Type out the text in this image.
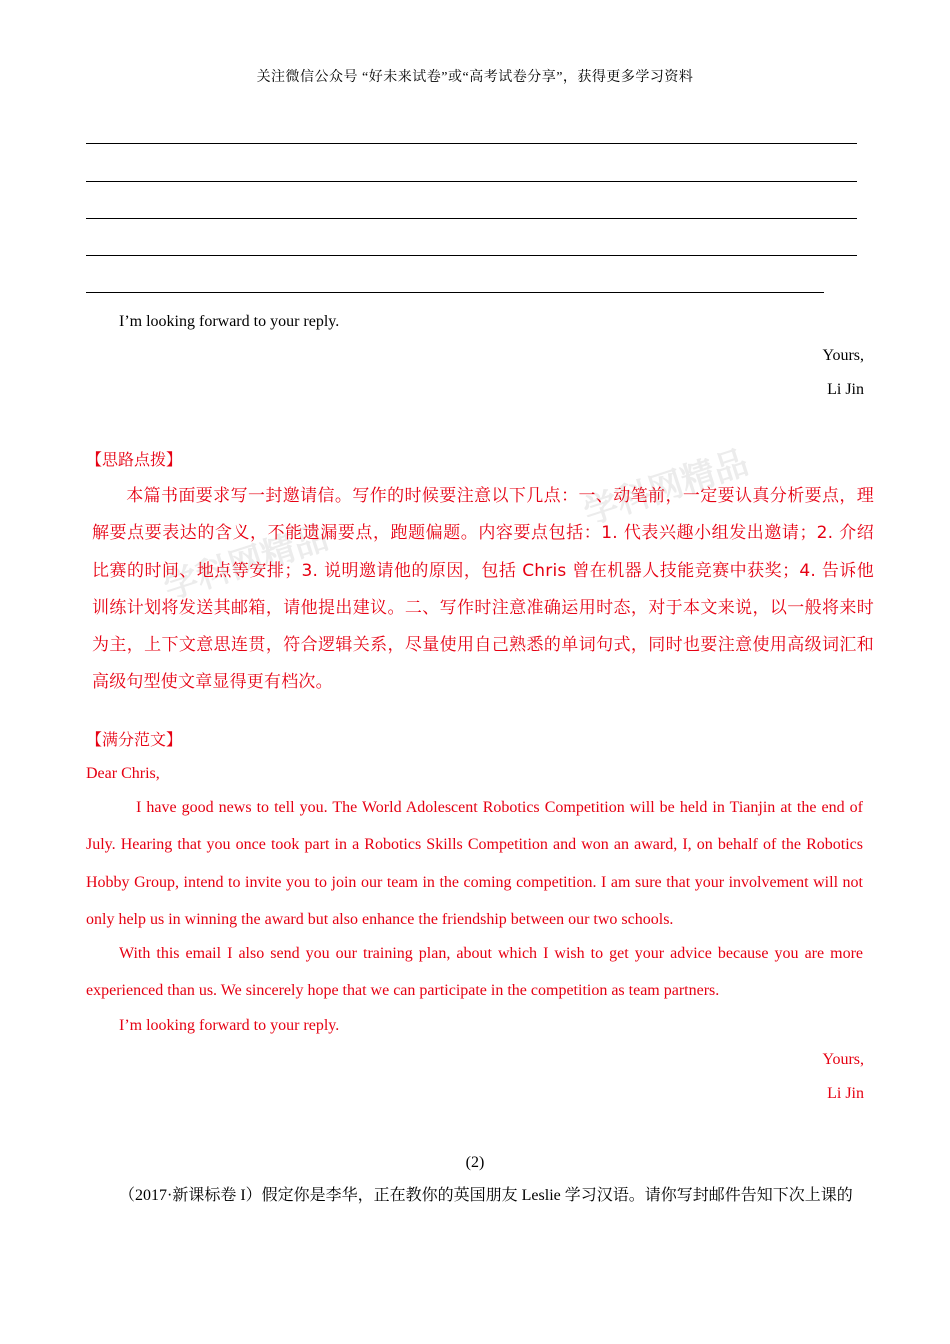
关注微信公众号 “好未来试卷”或“高考试卷分享”，获得更多学习资料
I’m looking forward to your reply.
Yours,
Li Jin
学科网精品
学科网精品
【思路点拨】
本篇书面要求写一封邀请信。写作的时候要注意以下几点：一、动笔前，一定要认真分析要点，理解要点要表达的含义，不能遗漏要点，跑题偏题。内容要点包括：1. 代表兴趣小组发出邀请；2. 介绍比赛的时间、地点等安排；3. 说明邀请他的原因，包括 Chris 曾在机器人技能竞赛中获奖；4. 告诉他训练计划将发送其邮箱，请他提出建议。二、写作时注意准确运用时态，对于本文来说，以一般将来时为主，上下文意思连贯，符合逻辑关系，尽量使用自己熟悉的单词句式，同时也要注意使用高级词汇和高级句型使文章显得更有档次。
【满分范文】
Dear Chris,
I have good news to tell you. The World Adolescent Robotics Competition will be held in Tianjin at the end of July. Hearing that you once took part in a Robotics Skills Competition and won an award, I, on behalf of the Robotics Hobby Group, intend to invite you to join our team in the coming competition. I am sure that your involvement will not only help us in winning the award but also enhance the friendship between our two schools.
With this email I also send you our training plan, about which I wish to get your advice because you are more experienced than us. We sincerely hope that we can participate in the competition as team partners.
I’m looking forward to your reply.
Yours,
Li Jin
(2)
（2017·新课标卷 I）假定你是李华，正在教你的英国朋友 Leslie 学习汉语。请你写封邮件告知下次上课的
